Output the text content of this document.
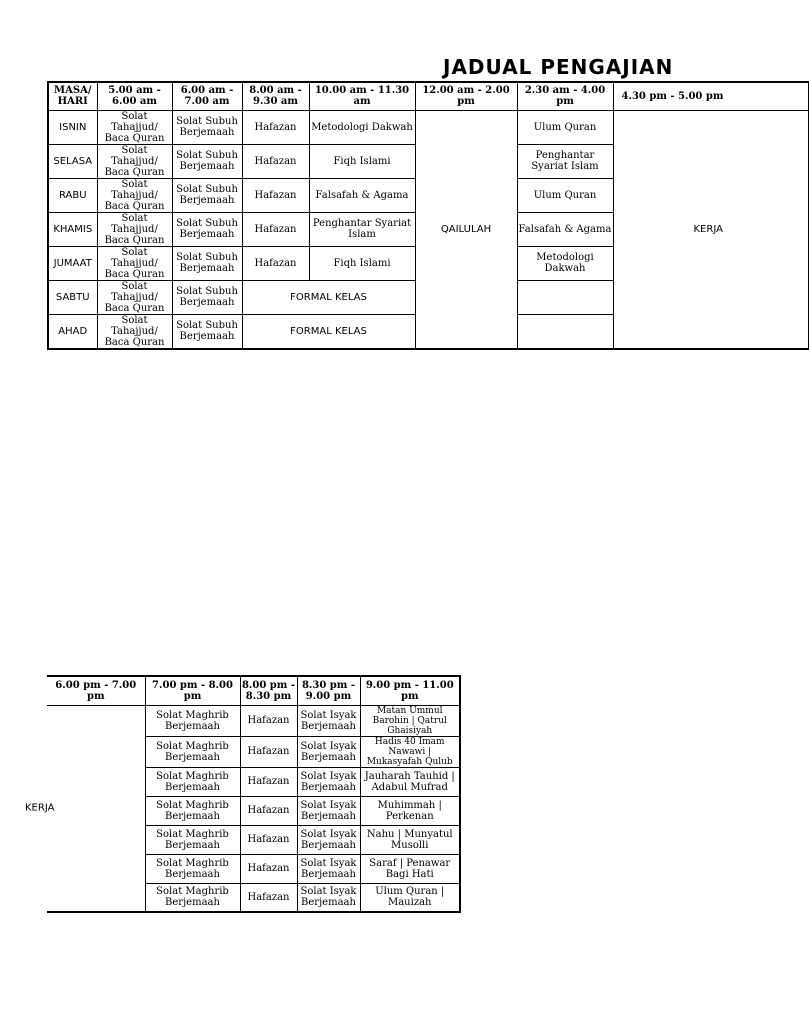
JADUAL PENGAJIAN
MASA/ HARI	5.00 am - 6.00 am	6.00 am - 7.00 am	8.00 am - 9.30 am	10.00 am - 11.30 am	12.00 am - 2.00 pm	2.30 am - 4.00 pm	4.30 pm - 5.00 pm
ISNIN	Solat Tahajjud/ Baca Quran	Solat Subuh Berjemaah	Hafazan	Metodologi Dakwah	QAILULAH	Ulum Quran	KERJA
SELASA	Solat Tahajjud/ Baca Quran	Solat Subuh Berjemaah	Hafazan	Fiqh Islami		Penghantar Syariat Islam	
RABU	Solat Tahajjud/ Baca Quran	Solat Subuh Berjemaah	Hafazan	Falsafah & Agama		Ulum Quran	
KHAMIS	Solat Tahajjud/ Baca Quran	Solat Subuh Berjemaah	Hafazan	Penghantar Syariat Islam		Falsafah & Agama	
JUMAAT	Solat Tahajjud/ Baca Quran	Solat Subuh Berjemaah	Hafazan	Fiqh Islami		Metodologi Dakwah	
SABTU	Solat Tahajjud/ Baca Quran	Solat Subuh Berjemaah	FORMAL KELAS				
AHAD	Solat Tahajjud/ Baca Quran	Solat Subuh Berjemaah	FORMAL KELAS				
6.00 pm - 7.00 pm	7.00 pm - 8.00 pm	8.00 pm - 8.30 pm	8.30 pm - 9.00 pm	9.00 pm - 11.00 pm

KERJA	Solat Maghrib Berjemaah	Hafazan	Solat Isyak Berjemaah	Matan Ummul Barohin | Qatrul Ghaisiyah
	Solat Maghrib Berjemaah	Hafazan	Solat Isyak Berjemaah	Hadis 40 Imam Nawawi | Mukasyafah Qulub
	Solat Maghrib Berjemaah	Hafazan	Solat Isyak Berjemaah	Jauharah Tauhid | Adabul Mufrad
	Solat Maghrib Berjemaah	Hafazan	Solat Isyak Berjemaah	Muhimmah | Perkenan
	Solat Maghrib Berjemaah	Hafazan	Solat Isyak Berjemaah	Nahu | Munyatul Musolli
	Solat Maghrib Berjemaah	Hafazan	Solat Isyak Berjemaah	Saraf | Penawar Bagi Hati
	Solat Maghrib Berjemaah	Hafazan	Solat Isyak Berjemaah	Ulum Quran | Mauizah
